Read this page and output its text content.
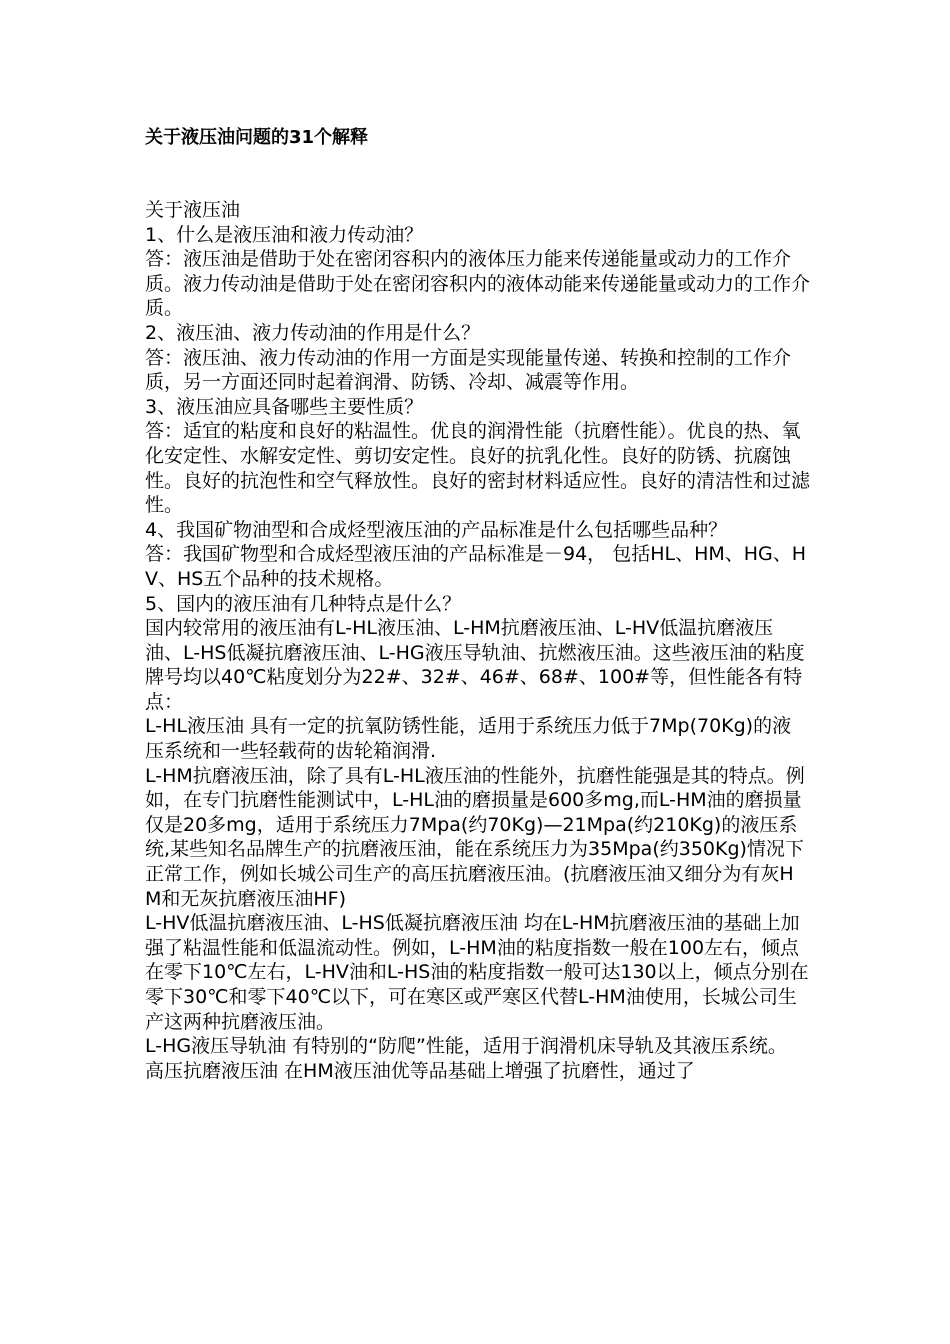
关于液压油问题的31个解释

关于液压油

1、什么是液压油和液力传动油？

答：液压油是借助于处在密闭容积内的液体压力能来传递能量或动力的工作介质。液力传动油是借助于处在密闭容积内的液体动能来传递能量或动力的工作介质。

2、液压油、液力传动油的作用是什么？

答：液压油、液力传动油的作用一方面是实现能量传递、转换和控制的工作介质，另一方面还同时起着润滑、防锈、冷却、减震等作用。

3、液压油应具备哪些主要性质？

答：适宜的粘度和良好的粘温性。优良的润滑性能（抗磨性能）。优良的热、氧化安定性、水解安定性、剪切安定性。良好的抗乳化性。良好的防锈、抗腐蚀性。良好的抗泡性和空气释放性。良好的密封材料适应性。良好的清洁性和过滤性。

4、我国矿物油型和合成烃型液压油的产品标准是什么包括哪些品种？

答：我国矿物型和合成烃型液压油的产品标准是－94， 包括HL、HM、HG、HV、HS五个品种的技术规格。

5、国内的液压油有几种特点是什么？

国内较常用的液压油有L-HL液压油、L-HM抗磨液压油、L-HV低温抗磨液压油、L-HS低凝抗磨液压油、L-HG液压导轨油、抗燃液压油。这些液压油的粘度牌号均以40℃粘度划分为22#、32#、46#、68#、100#等，但性能各有特点：

L-HL液压油 具有一定的抗氧防锈性能，适用于系统压力低于7Mp(70Kg)的液压系统和一些轻载荷的齿轮箱润滑.

L-HM抗磨液压油，除了具有L-HL液压油的性能外，抗磨性能强是其的特点。例如，在专门抗磨性能测试中，L-HL油的磨损量是600多mg,而L-HM油的磨损量仅是20多mg，适用于系统压力7Mpa(约70Kg)—21Mpa(约210Kg)的液压系统,某些知名品牌生产的抗磨液压油，能在系统压力为35Mpa(约350Kg)情况下正常工作，例如长城公司生产的高压抗磨液压油。(抗磨液压油又细分为有灰HM和无灰抗磨液压油HF)

L-HV低温抗磨液压油、L-HS低凝抗磨液压油 均在L-HM抗磨液压油的基础上加强了粘温性能和低温流动性。例如，L-HM油的粘度指数一般在100左右，倾点在零下10℃左右，L-HV油和L-HS油的粘度指数一般可达130以上，倾点分别在零下30℃和零下40℃以下，可在寒区或严寒区代替L-HM油使用，长城公司生产这两种抗磨液压油。

L-HG液压导轨油 有特别的“防爬”性能，适用于润滑机床导轨及其液压系统。

高压抗磨液压油 在HM液压油优等品基础上增强了抗磨性，通过了
